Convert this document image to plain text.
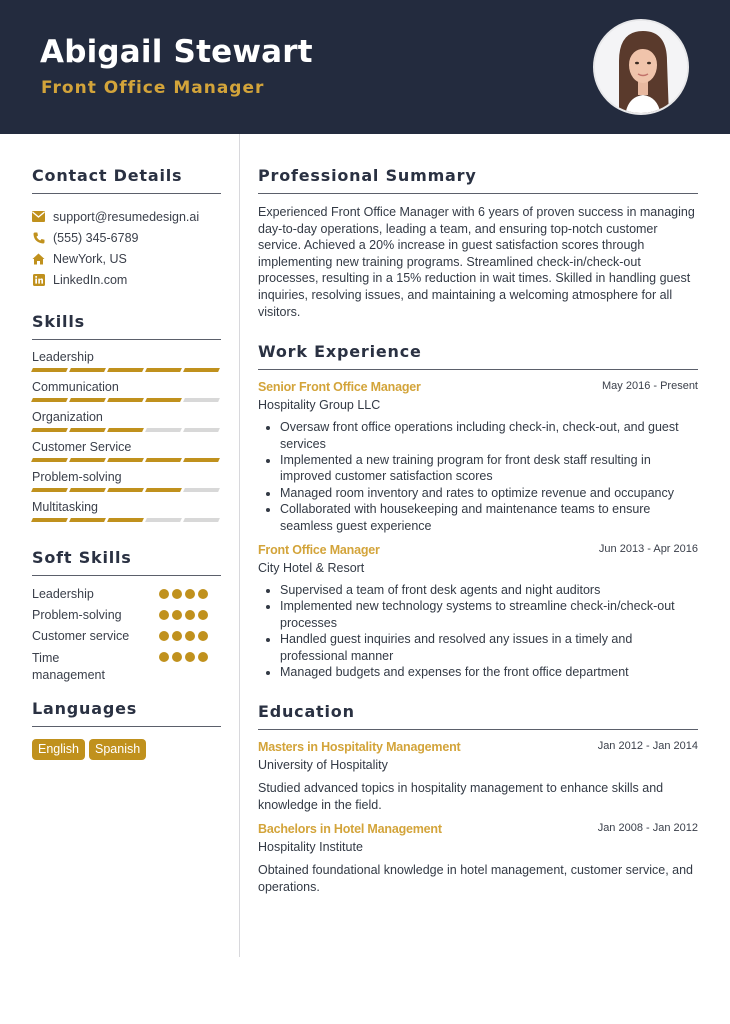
Abigail Stewart
Front Office Manager
Contact Details
support@resumedesign.ai
(555) 345-6789
NewYork, US
LinkedIn.com
Skills
Leadership
Communication
Organization
Customer Service
Problem-solving
Multitasking
Soft Skills
Leadership
Problem-solving
Customer service
Time management
Languages
English	Spanish
Professional Summary

Experienced Front Office Manager with 6 years of proven success in managing day-to-day operations, leading a team, and ensuring top-notch customer service. Achieved a 20% increase in guest satisfaction scores through implementing new training programs. Streamlined check-in/check-out processes, resulting in a 15% reduction in wait times. Skilled in handling guest inquiries, resolving issues, and maintaining a welcoming atmosphere for all visitors.

Work Experience
Senior Front Office Manager	May 2016 - Present
Hospitality Group LLC
• Oversaw front office operations including check-in, check-out, and guest services
• Implemented a new training program for front desk staff resulting in improved customer satisfaction scores
• Managed room inventory and rates to optimize revenue and occupancy
• Collaborated with housekeeping and maintenance teams to ensure seamless guest experience
Front Office Manager	Jun 2013 - Apr 2016
City Hotel & Resort
• Supervised a team of front desk agents and night auditors
• Implemented new technology systems to streamline check-in/check-out processes
• Handled guest inquiries and resolved any issues in a timely and professional manner
• Managed budgets and expenses for the front office department
Education
Masters in Hospitality Management	Jan 2012 - Jan 2014
University of Hospitality

Studied advanced topics in hospitality management to enhance skills and knowledge in the field.

Bachelors in Hotel Management	Jan 2008 - Jan 2012
Hospitality Institute

Obtained foundational knowledge in hotel management, customer service, and operations.
